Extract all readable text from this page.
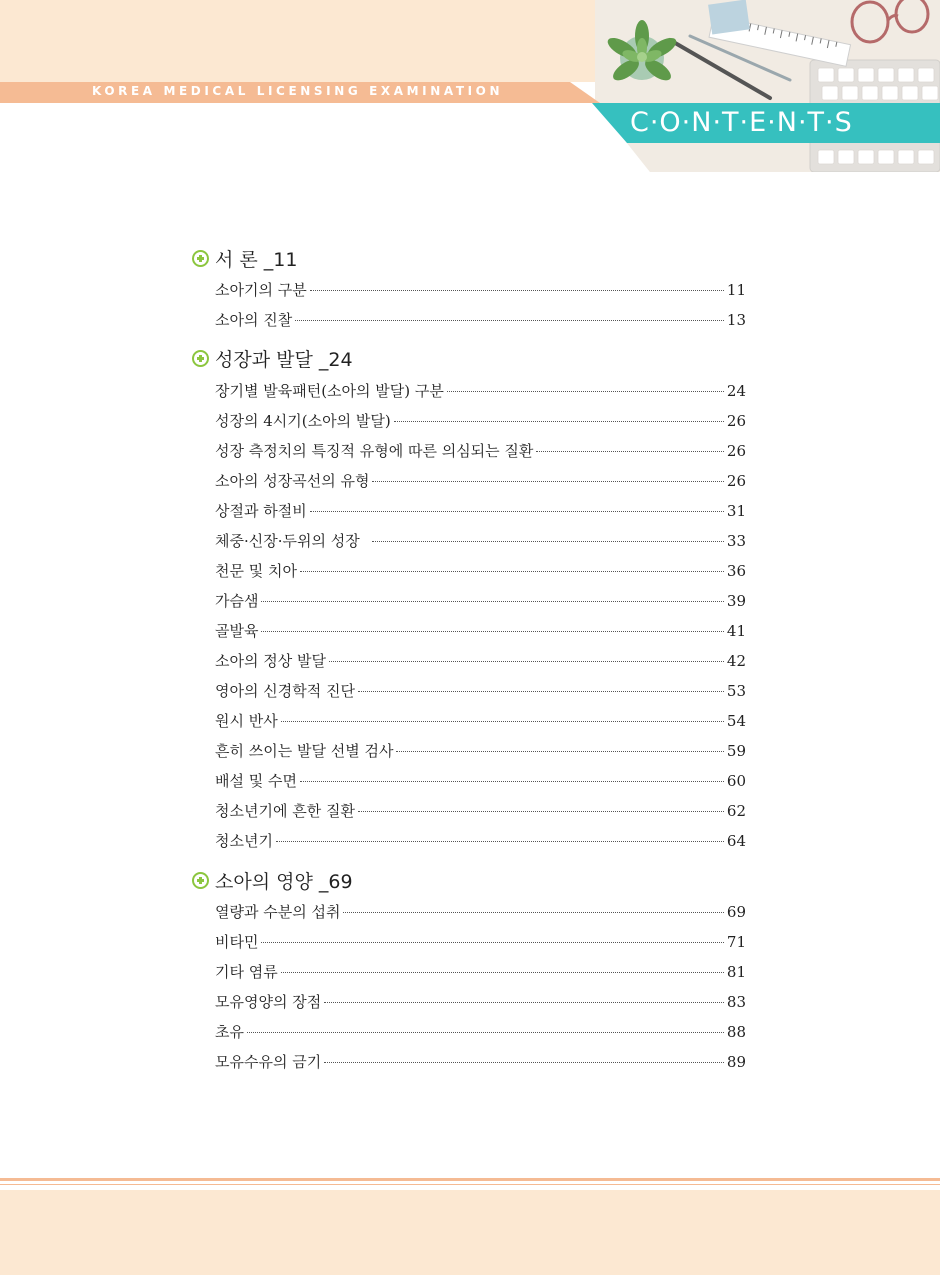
KOREA MEDICAL LICENSING EXAMINATION
C·O·N·T·E·N·T·S
서 론 _11
소아기의 구분	11
소아의 진찰	13
성장과 발달 _24
장기별 발육패턴(소아의 발달) 구분	24
성장의 4시기(소아의 발달)	26
성장 측정치의 특징적 유형에 따른 의심되는 질환	26
소아의 성장곡선의 유형	26
상절과 하절비	31
체중·신장·두위의 성장	33
천문 및 치아	36
가슴샘	39
골발육	41
소아의 정상 발달	42
영아의 신경학적 진단	53
원시 반사	54
흔히 쓰이는 발달 선별 검사	59
배설 및 수면	60
청소년기에 흔한 질환	62
청소년기	64
소아의 영양 _69
열량과 수분의 섭취	69
비타민	71
기타 염류	81
모유영양의 장점	83
초유	88
모유수유의 금기	89
